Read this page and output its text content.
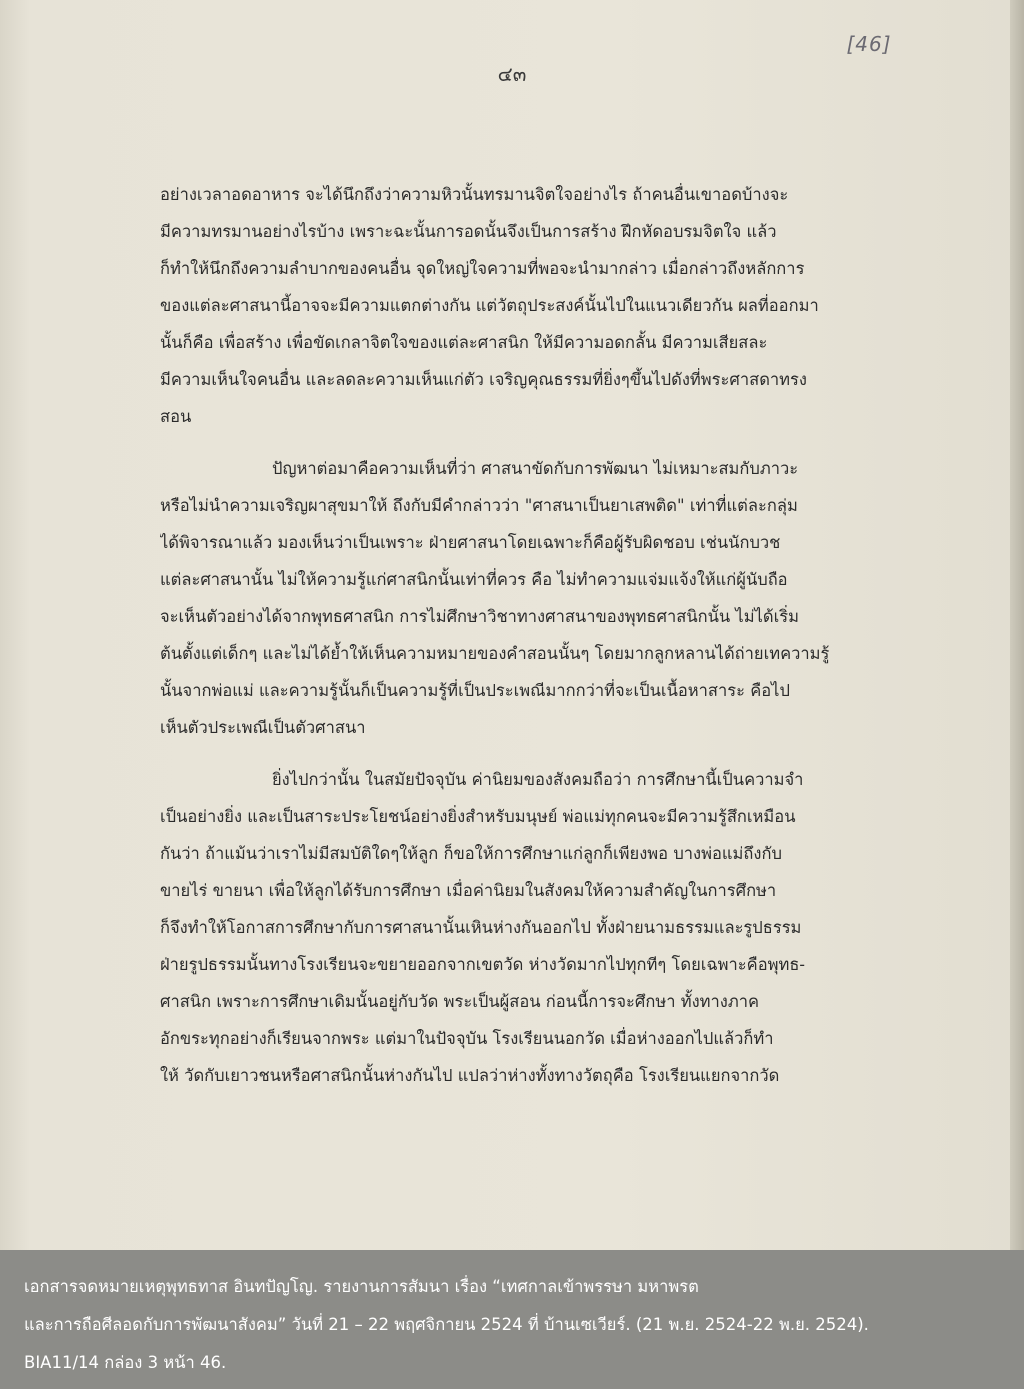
[46]
๔๓
อย่างเวลาอดอาหาร จะได้นึกถึงว่าความหิวนั้นทรมานจิตใจอย่างไร ถ้าคนอื่นเขาอดบ้างจะ
มีความทรมานอย่างไรบ้าง เพราะฉะนั้นการอดนั้นจึงเป็นการสร้าง ฝึกหัดอบรมจิตใจ แล้ว
ก็ทำให้นึกถึงความลำบากของคนอื่น จุดใหญ่ใจความที่พอจะนำมากล่าว เมื่อกล่าวถึงหลักการ
ของแต่ละศาสนานี้อาจจะมีความแตกต่างกัน แต่วัตถุประสงค์นั้นไปในแนวเดียวกัน ผลที่ออกมา
นั้นก็คือ เพื่อสร้าง เพื่อขัดเกลาจิตใจของแต่ละศาสนิก ให้มีความอดกลั้น มีความเสียสละ
มีความเห็นใจคนอื่น และลดละความเห็นแก่ตัว เจริญคุณธรรมที่ยิ่งๆขึ้นไปดังที่พระศาสดาทรง
สอน
ปัญหาต่อมาคือความเห็นที่ว่า ศาสนาขัดกับการพัฒนา ไม่เหมาะสมกับภาวะ
หรือไม่นำความเจริญผาสุขมาให้ ถึงกับมีคำกล่าวว่า "ศาสนาเป็นยาเสพติด" เท่าที่แต่ละกลุ่ม
ได้พิจารณาแล้ว มองเห็นว่าเป็นเพราะ ฝ่ายศาสนาโดยเฉพาะก็คือผู้รับผิดชอบ เช่นนักบวช
แต่ละศาสนานั้น ไม่ให้ความรู้แก่ศาสนิกนั้นเท่าที่ควร คือ ไม่ทำความแจ่มแจ้งให้แก่ผู้นับถือ
จะเห็นตัวอย่างได้จากพุทธศาสนิก การไม่ศึกษาวิชาทางศาสนาของพุทธศาสนิกนั้น ไม่ได้เริ่ม
ต้นตั้งแต่เด็กๆ และไม่ได้ย้ำให้เห็นความหมายของคำสอนนั้นๆ โดยมากลูกหลานได้ถ่ายเทความรู้
นั้นจากพ่อแม่ และความรู้นั้นก็เป็นความรู้ที่เป็นประเพณีมากกว่าที่จะเป็นเนื้อหาสาระ คือไป
เห็นตัวประเพณีเป็นตัวศาสนา
ยิ่งไปกว่านั้น ในสมัยปัจจุบัน ค่านิยมของสังคมถือว่า การศึกษานี้เป็นความจำ
เป็นอย่างยิ่ง และเป็นสาระประโยชน์อย่างยิ่งสำหรับมนุษย์ พ่อแม่ทุกคนจะมีความรู้สึกเหมือน
กันว่า ถ้าแม้นว่าเราไม่มีสมบัติใดๆให้ลูก ก็ขอให้การศึกษาแก่ลูกก็เพียงพอ บางพ่อแม่ถึงกับ
ขายไร่ ขายนา เพื่อให้ลูกได้รับการศึกษา เมื่อค่านิยมในสังคมให้ความสำคัญในการศึกษา
ก็จึงทำให้โอกาสการศึกษากับการศาสนานั้นเหินห่างกันออกไป ทั้งฝ่ายนามธรรมและรูปธรรม
ฝ่ายรูปธรรมนั้นทางโรงเรียนจะขยายออกจากเขตวัด ห่างวัดมากไปทุกทีๆ โดยเฉพาะคือพุทธ-
ศาสนิก เพราะการศึกษาเดิมนั้นอยู่กับวัด พระเป็นผู้สอน ก่อนนี้การจะศึกษา ทั้งทางภาค
อักขระทุกอย่างก็เรียนจากพระ แต่มาในปัจจุบัน โรงเรียนนอกวัด เมื่อห่างออกไปแล้วก็ทำ
ให้ วัดกับเยาวชนหรือศาสนิกนั้นห่างกันไป แปลว่าห่างทั้งทางวัตถุคือ โรงเรียนแยกจากวัด
เอกสารจดหมายเหตุพุทธทาส อินทปัญโญ. รายงานการสัมนา เรื่อง “เทศกาลเข้าพรรษา มหาพรต
และการถือศีลอดกับการพัฒนาสังคม” วันที่ 21 – 22 พฤศจิกายน 2524 ที่ บ้านเซเวียร์. (21 พ.ย. 2524-22 พ.ย. 2524).
BIA11/14 กล่อง 3 หน้า 46.
